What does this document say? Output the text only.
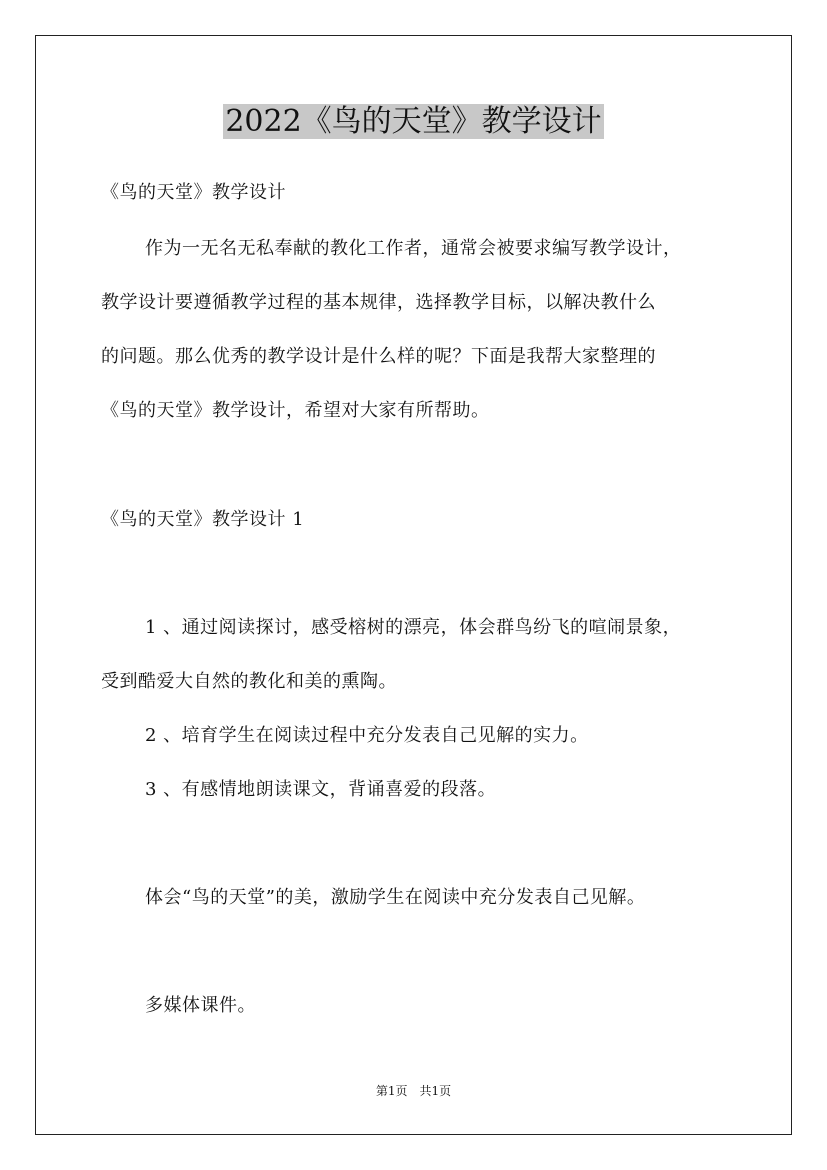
2022《鸟的天堂》教学设计
《鸟的天堂》教学设计
作为一无名无私奉献的教化工作者，通常会被要求编写教学设计，
教学设计要遵循教学过程的基本规律，选择教学目标，以解决教什么
的问题。那么优秀的教学设计是什么样的呢？下面是我帮大家整理的
《鸟的天堂》教学设计，希望对大家有所帮助。
《鸟的天堂》教学设计 1
1 、通过阅读探讨，感受榕树的漂亮，体会群鸟纷飞的喧闹景象，
受到酷爱大自然的教化和美的熏陶。
2 、培育学生在阅读过程中充分发表自己见解的实力。
3 、有感情地朗读课文，背诵喜爱的段落。
体会“鸟的天堂”的美，激励学生在阅读中充分发表自己见解。
多媒体课件。
第1页　共1页
